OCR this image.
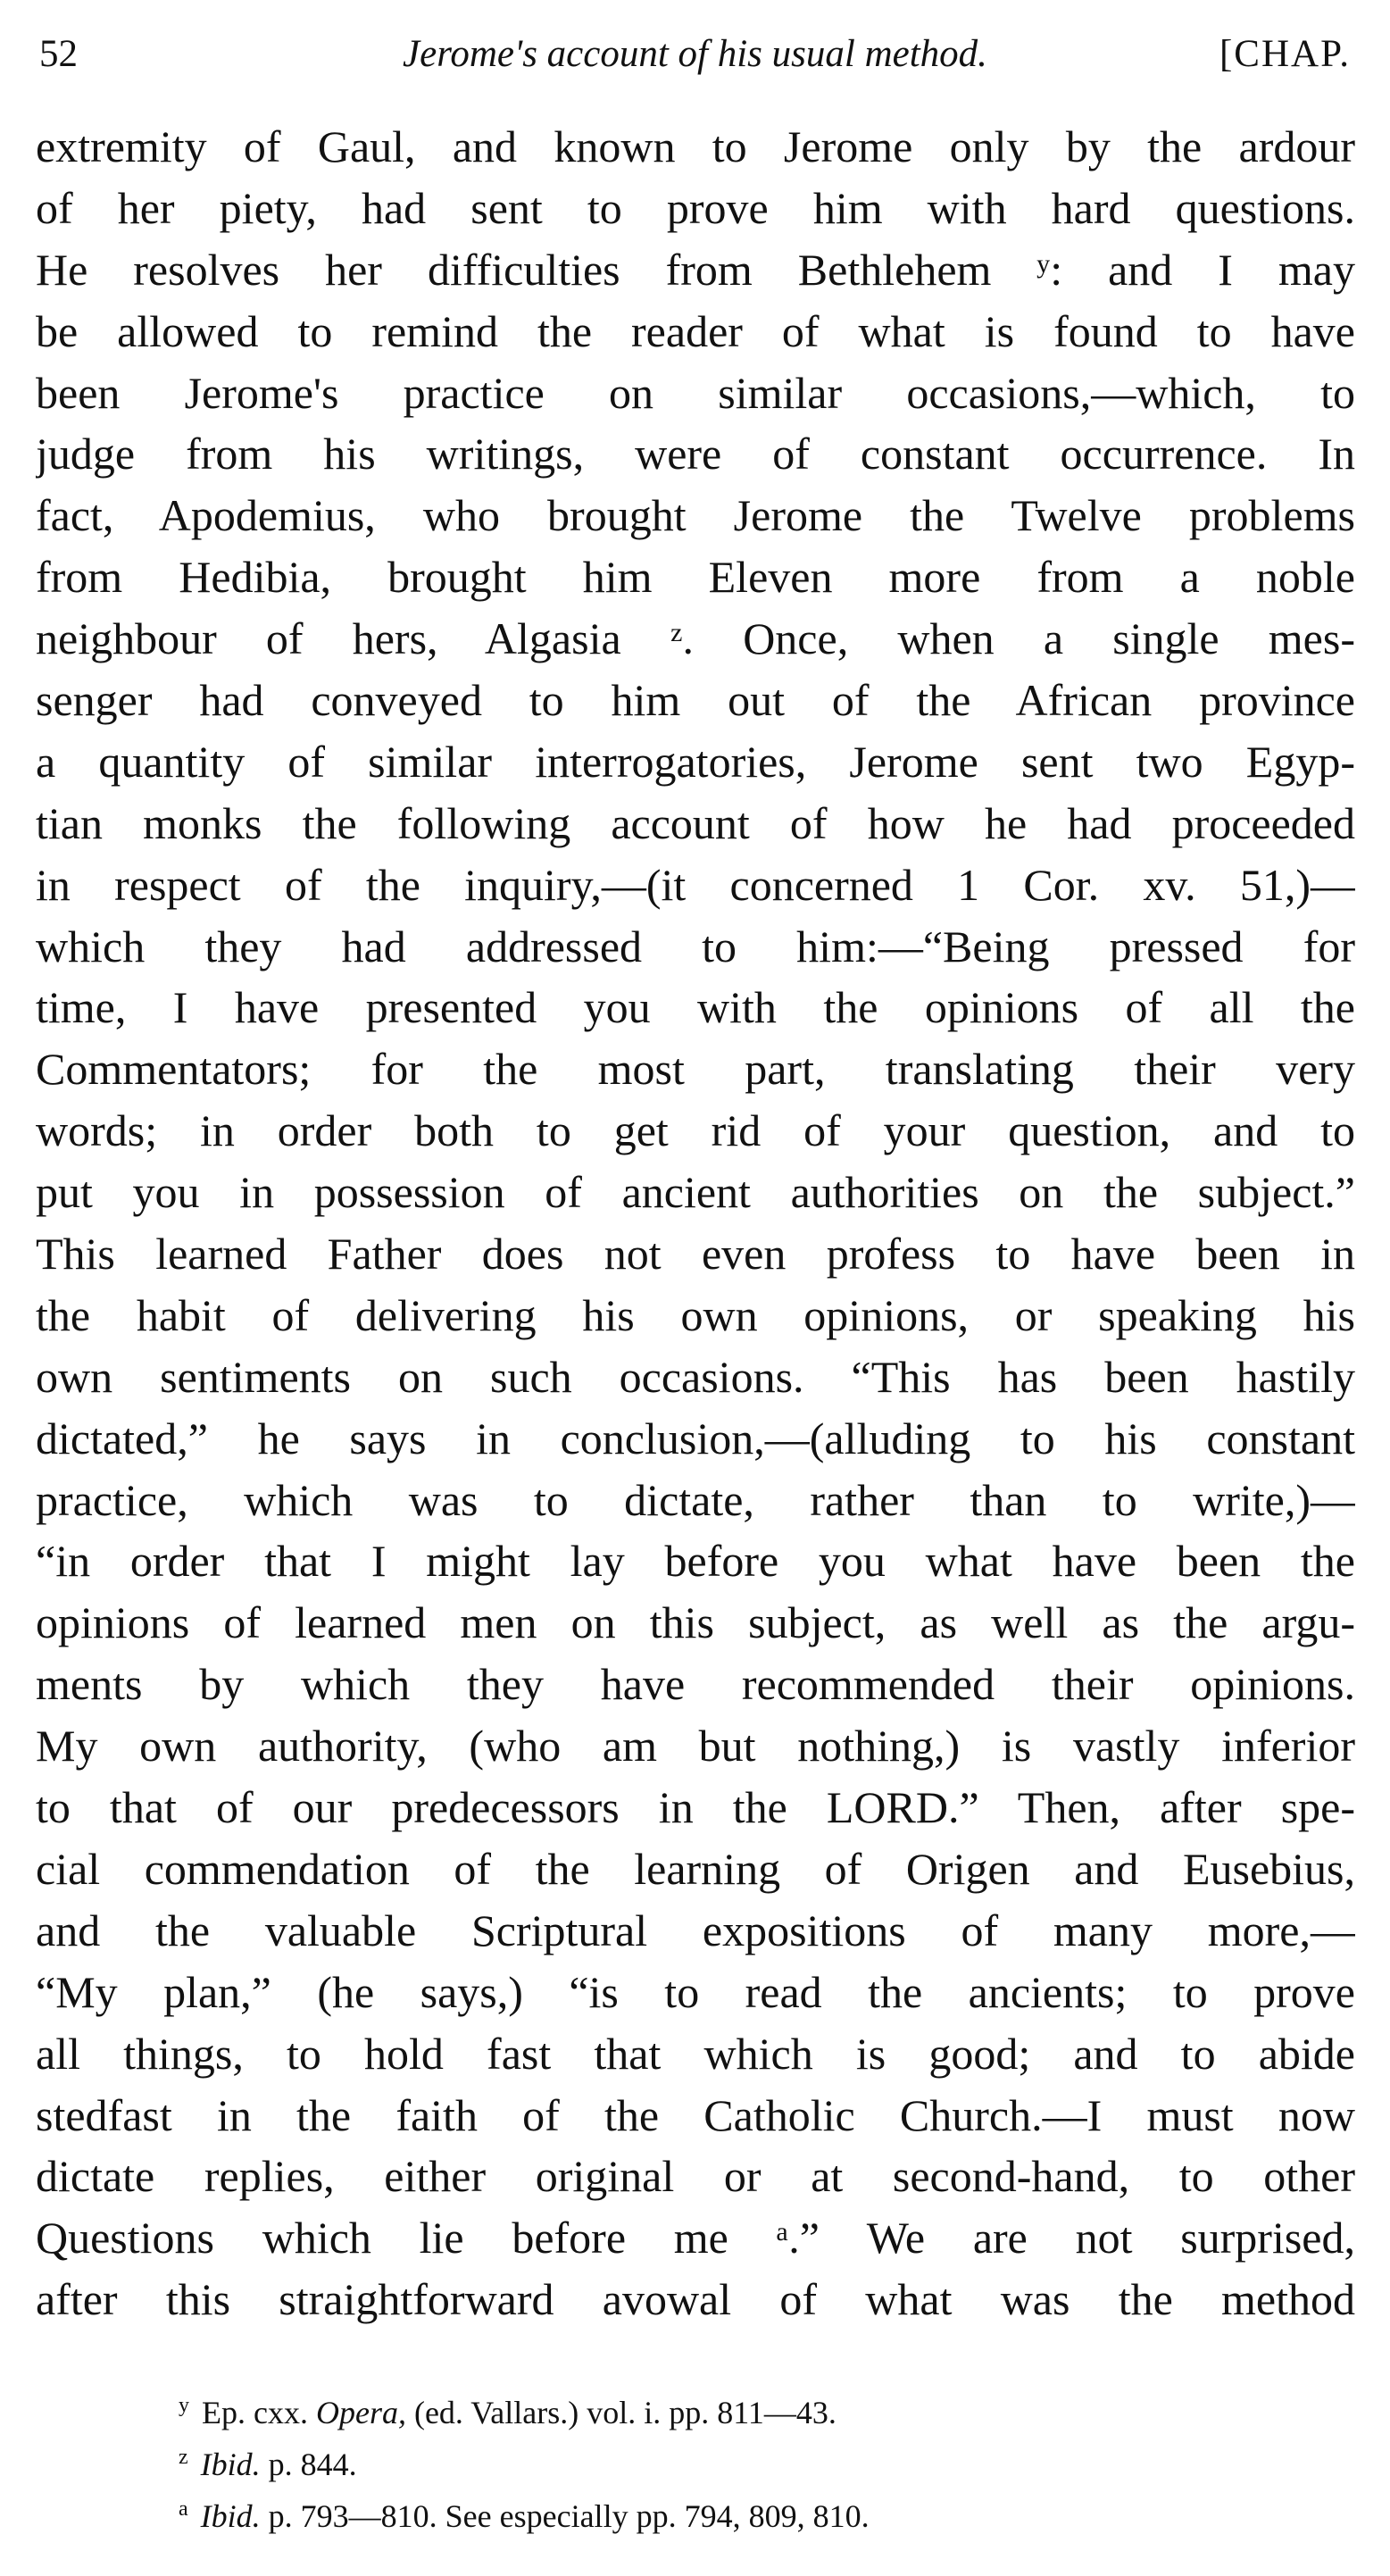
52	Jerome's account of his usual method.	[CHAP.
extremity of Gaul, and known to Jerome only by the ardour
of her piety, had sent to prove him with hard questions.
He resolves her difficulties from Bethlehem ʸ: and I may
be allowed to remind the reader of what is found to have
been Jerome's practice on similar occasions,—which, to
judge from his writings, were of constant occurrence. In
fact, Apodemius, who brought Jerome the Twelve problems
from Hedibia, brought him Eleven more from a noble
neighbour of hers, Algasia ᶻ. Once, when a single mes-
senger had conveyed to him out of the African province
a quantity of similar interrogatories, Jerome sent two Egyp-
tian monks the following account of how he had proceeded
in respect of the inquiry,—(it concerned 1 Cor. xv. 51,)—
which they had addressed to him:—“Being pressed for
time, I have presented you with the opinions of all the
Commentators; for the most part, translating their very
words; in order both to get rid of your question, and to
put you in possession of ancient authorities on the subject.”
This learned Father does not even profess to have been in
the habit of delivering his own opinions, or speaking his
own sentiments on such occasions. “This has been hastily
dictated,” he says in conclusion,—(alluding to his constant
practice, which was to dictate, rather than to write,)—
“in order that I might lay before you what have been the
opinions of learned men on this subject, as well as the argu-
ments by which they have recommended their opinions.
My own authority, (who am but nothing,) is vastly inferior
to that of our predecessors in the LORD.” Then, after spe-
cial commendation of the learning of Origen and Eusebius,
and the valuable Scriptural expositions of many more,—
“My plan,” (he says,) “is to read the ancients; to prove
all things, to hold fast that which is good; and to abide
stedfast in the faith of the Catholic Church.—I must now
dictate replies, either original or at second-hand, to other
Questions which lie before me ᵃ.” We are not surprised,
after this straightforward avowal of what was the method
$^y$ Ep. cxx. Opera, (ed. Vallars.) vol. i. pp. 811—43.
$^z$ Ibid. p. 844.
$^a$ Ibid. p. 793—810. See especially pp. 794, 809, 810.
